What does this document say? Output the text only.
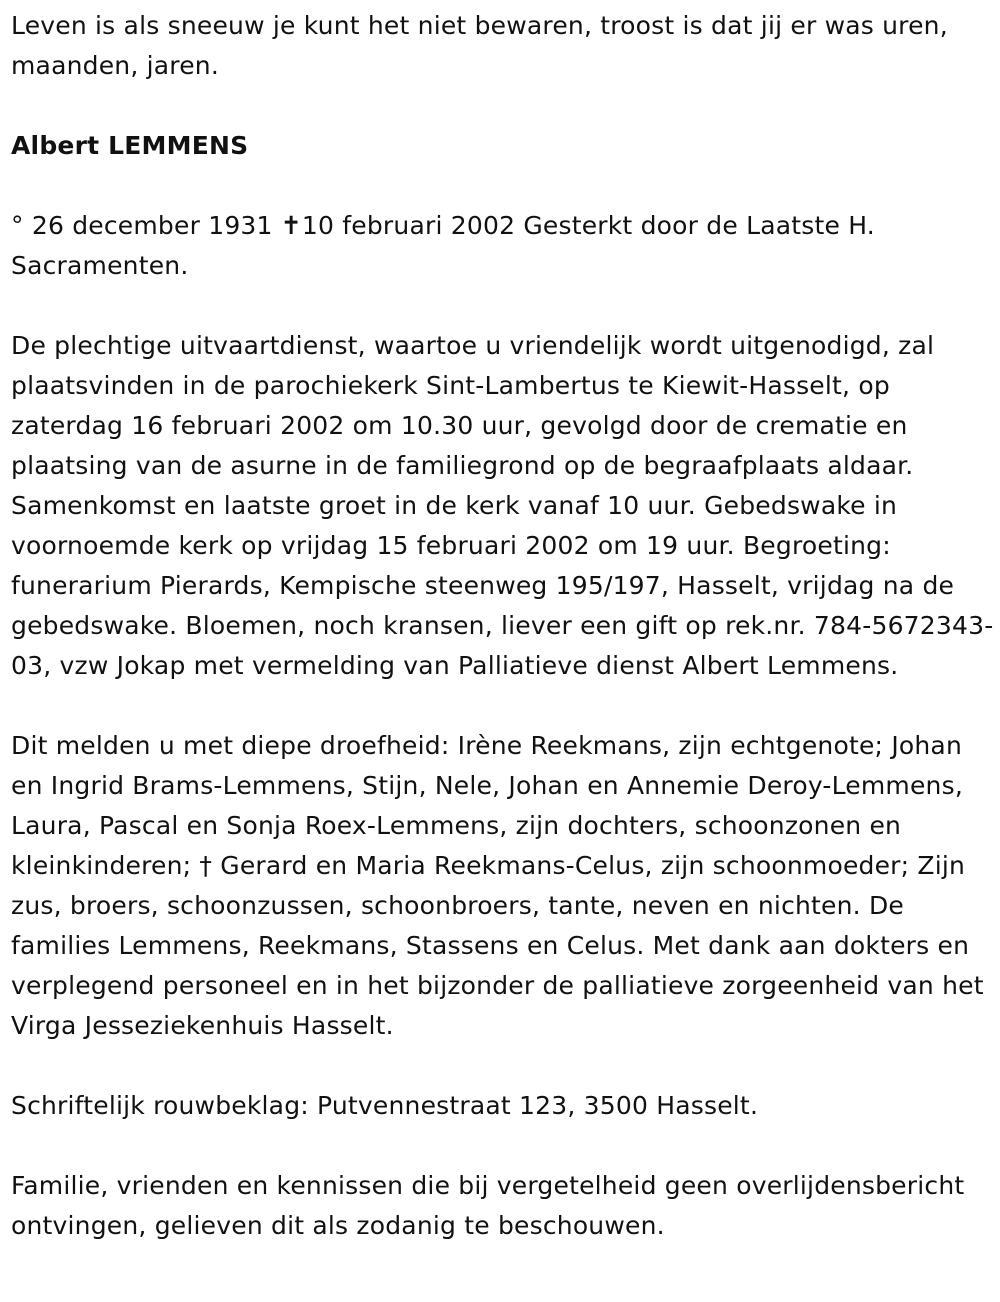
Leven is als sneeuw je kunt het niet bewaren, troost is dat jij er was uren, maanden, jaren.

Albert LEMMENS

° 26 december 1931 ✝10 februari 2002 Gesterkt door de Laatste H. Sacramenten.

De plechtige uitvaartdienst, waartoe u vriendelijk wordt uitgenodigd, zal plaatsvinden in de parochiekerk Sint-Lambertus te Kiewit-Hasselt, op zaterdag 16 februari 2002 om 10.30 uur, gevolgd door de crematie en plaatsing van de asurne in de familiegrond op de begraafplaats aldaar. Samenkomst en laatste groet in de kerk vanaf 10 uur. Gebedswake in voornoemde kerk op vrijdag 15 februari 2002 om 19 uur. Begroeting: funerarium Pierards, Kempische steenweg 195/197, Hasselt, vrijdag na de gebedswake. Bloemen, noch kransen, liever een gift op rek.nr. 784-5672343-03, vzw Jokap met vermelding van Palliatieve dienst Albert Lemmens.

Dit melden u met diepe droefheid: Irène Reekmans, zijn echtgenote; Johan en Ingrid Brams-Lemmens, Stijn, Nele, Johan en Annemie Deroy-Lemmens, Laura, Pascal en Sonja Roex-Lemmens, zijn dochters, schoonzonen en kleinkinderen; † Gerard en Maria Reekmans-Celus, zijn schoonmoeder; Zijn zus, broers, schoonzussen, schoonbroers, tante, neven en nichten. De families Lemmens, Reekmans, Stassens en Celus. Met dank aan dokters en verplegend personeel en in het bijzonder de palliatieve zorgeenheid van het Virga Jesseziekenhuis Hasselt.

Schriftelijk rouwbeklag: Putvennestraat 123, 3500 Hasselt.

Familie, vrienden en kennissen die bij vergetelheid geen overlijdensbericht ontvingen, gelieven dit als zodanig te beschouwen.
